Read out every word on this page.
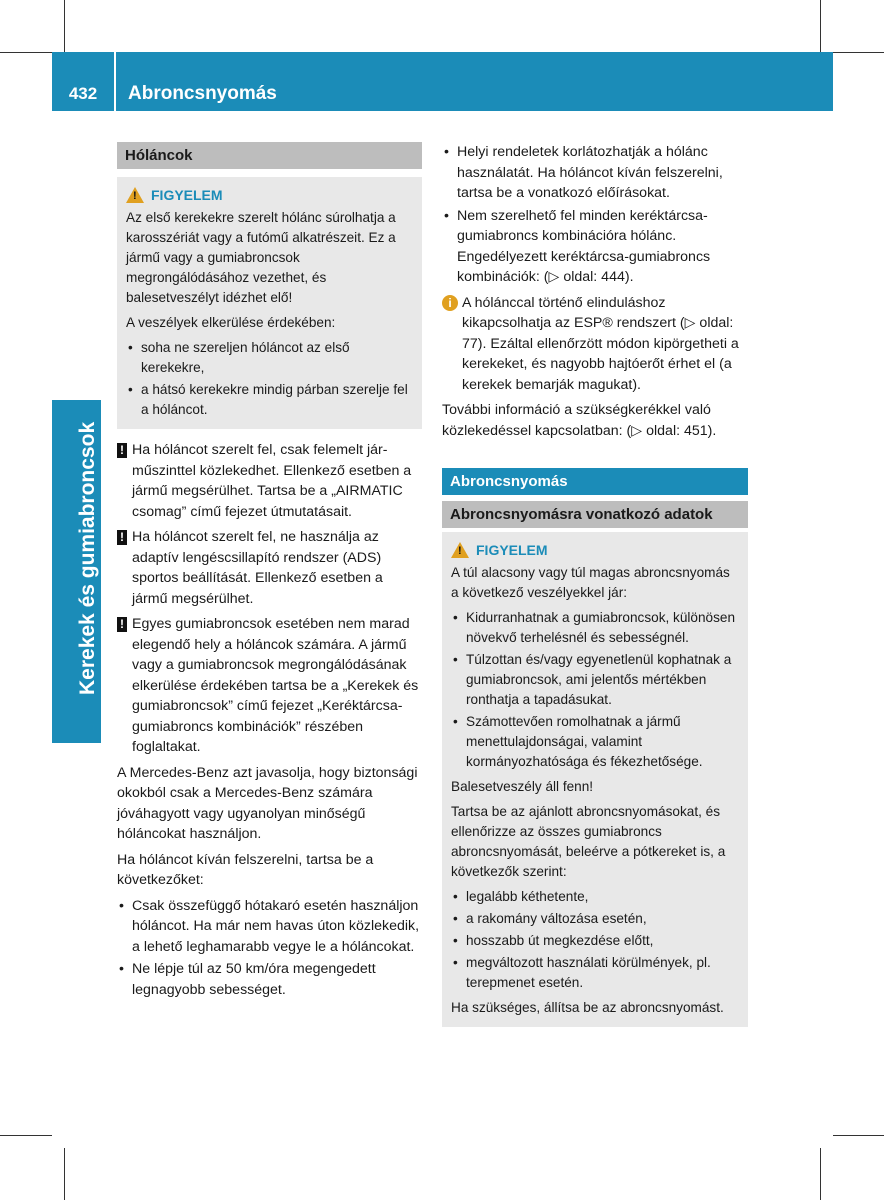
432	Abroncsnyomás
Kerekek és gumiabroncsok
Hóláncok
!
FIGYELEM

Az első kerekekre szerelt hólánc súrolhatja a karosszériát vagy a futómű alkatrészeit. Ez a jármű vagy a gumiabroncsok megrongálódásához vezethet, és balesetveszélyt idézhet elő!

A veszélyek elkerülése érdekében:

• soha ne szereljen hóláncot az első kerekekre,
• a hátsó kerekekre mindig párban szerelje fel a hóláncot.
! Ha hóláncot szerelt fel, csak felemelt jár-műszinttel közlekedhet. Ellenkező esetben a jármű megsérülhet. Tartsa be a „AIRMATIC csomag” című fejezet útmutatásait.
! Ha hóláncot szerelt fel, ne használja az adaptív lengéscsillapító rendszer (ADS) sportos beállítását. Ellenkező esetben a jármű megsérülhet.
! Egyes gumiabroncsok esetében nem marad elegendő hely a hóláncok számára. A jármű vagy a gumiabroncsok megrongálódásának elkerülése érdekében tartsa be a „Kerekek és gumiabroncsok” című fejezet „Keréktárcsa-gumiabroncs kombinációk” részében foglaltakat.

A Mercedes-Benz azt javasolja, hogy biztonsági okokból csak a Mercedes-Benz számára jóváhagyott vagy ugyanolyan minőségű hóláncokat használjon.

Ha hóláncot kíván felszerelni, tartsa be a következőket:

• Csak összefüggő hótakaró esetén használjon hóláncot. Ha már nem havas úton közlekedik, a lehető leghamarabb vegye le a hóláncokat.
• Ne lépje túl az 50 km/óra megengedett legnagyobb sebességet.
• Helyi rendeletek korlátozhatják a hólánc használatát. Ha hóláncot kíván felszerelni, tartsa be a vonatkozó előírásokat.
• Nem szerelhető fel minden keréktárcsa-gumiabroncs kombinációra hólánc. Engedélyezett keréktárcsa-gumiabroncs kombinációk: (▷ oldal: 444).
i A hólánccal történő elinduláshoz kikapcsolhatja az ESP® rendszert (▷ oldal: 77). Ezáltal ellenőrzött módon kipörgetheti a kerekeket, és nagyobb hajtóerőt érhet el (a kerekek bemarják magukat).

További információ a szükségkerékkel való közlekedéssel kapcsolatban: (▷ oldal: 451).

Abroncsnyomás
Abroncsnyomásra vonatkozó adatok
!
FIGYELEM

A túl alacsony vagy túl magas abroncsnyomás a következő veszélyekkel jár:

• Kidurranhatnak a gumiabroncsok, különösen növekvő terhelésnél és sebességnél.
• Túlzottan és/vagy egyenetlenül kophatnak a gumiabroncsok, ami jelentős mértékben ronthatja a tapadásukat.
• Számottevően romolhatnak a jármű menettulajdonságai, valamint kormányozhatósága és fékezhetősége.

Balesetveszély áll fenn!

Tartsa be az ajánlott abroncsnyomásokat, és ellenőrizze az összes gumiabroncs abroncsnyomását, beleérve a pótkereket is, a következők szerint:

• legalább kéthetente,
• a rakomány változása esetén,
• hosszabb út megkezdése előtt,
• megváltozott használati körülmények, pl. terepmenet esetén.

Ha szükséges, állítsa be az abroncsnyomást.
